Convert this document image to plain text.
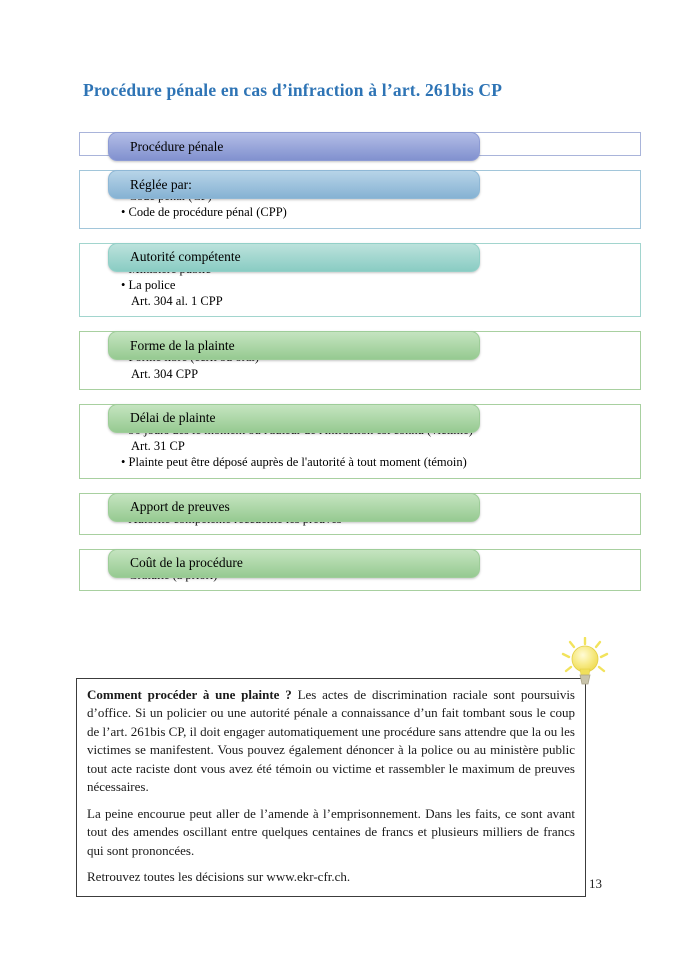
Procédure pénale en cas d’infraction à l’art. 261bis CP
Procédure pénale
•
• Code de procédure pénal (CPP)
Réglée par:
•
• La police
Art. 304 al. 1 CPP
Autorité compétente
• Art. 304 CPP
Forme de la plainte
• Art. 31 CP
• Plainte peut être déposé auprès de l'autorité à tout moment (témoin)
Délai de plainte
•
Apport de preuves
•
Coût de la procédure

Comment procéder à une plainte ? Les actes de discrimination raciale sont poursuivis d’office. Si un policier ou une autorité pénale a connaissance d’un fait tombant sous le coup de l’art. 261bis CP, il doit engager automatiquement une procédure sans attendre que la ou les victimes se manifestent. Vous pouvez également dénoncer à la police ou au ministère public tout acte raciste dont vous avez été témoin ou victime et rassembler le maximum de preuves nécessaires.

La peine encourue peut aller de l’amende à l’emprisonnement. Dans les faits, ce sont avant tout des amendes oscillant entre quelques centaines de francs et plusieurs milliers de francs qui sont prononcées.

Retrouvez toutes les décisions sur www.ekr-cfr.ch.	13
